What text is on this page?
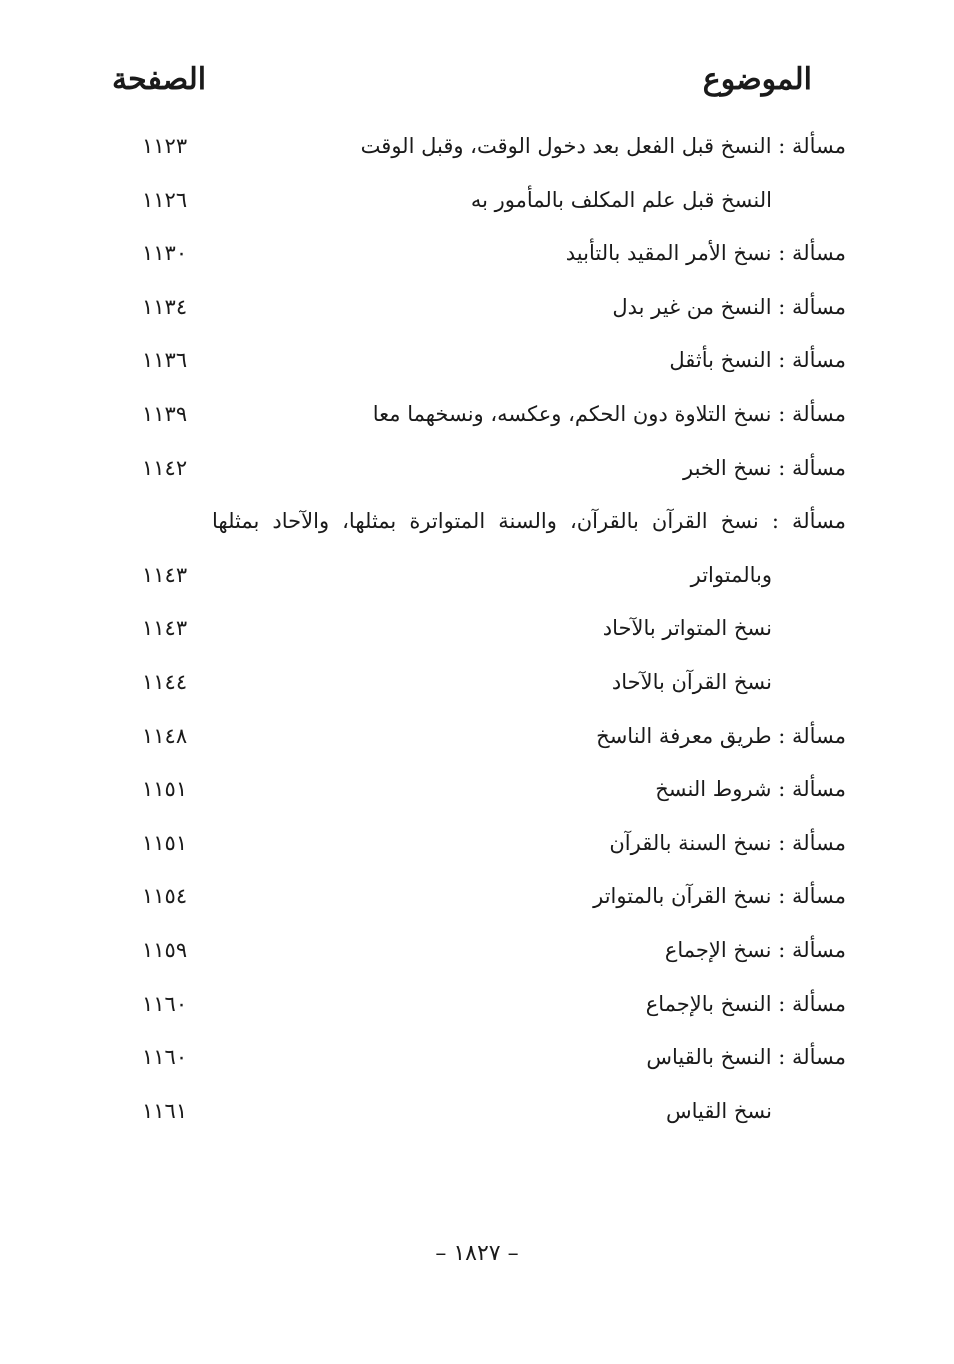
الموضوع
الصفحة
مسألة : النسخ قبل الفعل بعد دخول الوقت، وقبل الوقت
١١٢٣
النسخ قبل علم المكلف بالمأمور به
١١٢٦
مسألة : نسخ الأمر المقيد بالتأبيد
١١٣٠
مسألة : النسخ من غير بدل
١١٣٤
مسألة : النسخ بأثقل
١١٣٦
مسألة : نسخ التلاوة دون الحكم، وعكسه، ونسخهما معا
١١٣٩
مسألة : نسخ الخبر
١١٤٢
مسألة : نسخ القرآن بالقرآن، والسنة المتواترة بمثلها، والآحاد بمثلها
وبالمتواتر
١١٤٣
نسخ المتواتر بالآحاد
١١٤٣
نسخ القرآن بالآحاد
١١٤٤
مسألة : طريق معرفة الناسخ
١١٤٨
مسألة : شروط النسخ
١١٥١
مسألة : نسخ السنة بالقرآن
١١٥١
مسألة : نسخ القرآن بالمتواتر
١١٥٤
مسألة : نسخ الإجماع
١١٥٩
مسألة : النسخ بالإجماع
١١٦٠
مسألة : النسخ بالقياس
١١٦٠
نسخ القياس
١١٦١
– ١٨٢٧ –
